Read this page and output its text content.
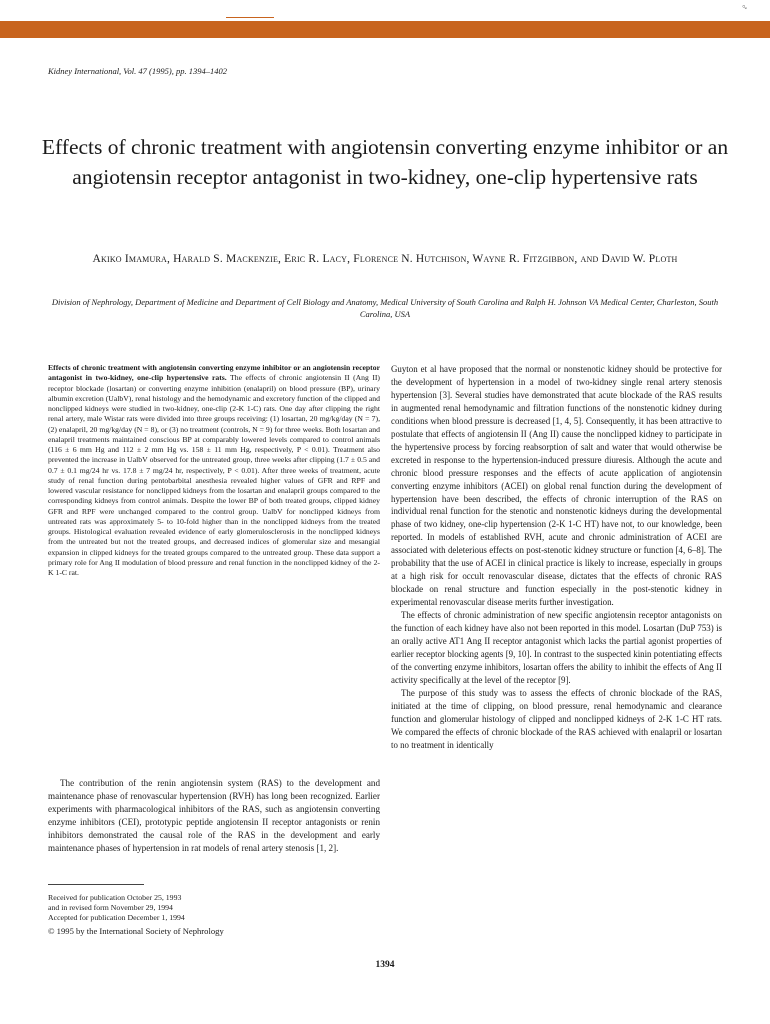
♂
Kidney International, Vol. 47 (1995), pp. 1394–1402
Effects of chronic treatment with angiotensin converting enzyme inhibitor or an angiotensin receptor antagonist in two-kidney, one-clip hypertensive rats

Akiko Imamura, Harald S. Mackenzie, Eric R. Lacy, Florence N. Hutchison, Wayne R. Fitzgibbon, and David W. Ploth

Division of Nephrology, Department of Medicine and Department of Cell Biology and Anatomy, Medical University of South Carolina and Ralph H. Johnson VA Medical Center, Charleston, South Carolina, USA

Effects of chronic treatment with angiotensin converting enzyme inhibitor or an angiotensin receptor antagonist in two-kidney, one-clip hypertensive rats. The effects of chronic angiotensin II (Ang II) receptor blockade (losartan) or converting enzyme inhibition (enalapril) on blood pressure (BP), urinary albumin excretion (UalbV), renal histology and the hemodynamic and excretory function of the clipped and nonclipped kidneys were studied in two-kidney, one-clip (2-K 1-C) rats. One day after clipping the right renal artery, male Wistar rats were divided into three groups receiving: (1) losartan, 20 mg/kg/day (N = 7), (2) enalapril, 20 mg/kg/day (N = 8), or (3) no treatment (controls, N = 9) for three weeks. Both losartan and enalapril treatments maintained conscious BP at comparably lowered levels compared to control animals (116 ± 6 mm Hg and 112 ± 2 mm Hg vs. 158 ± 11 mm Hg, respectively, P < 0.01). Treatment also prevented the increase in UalbV observed for the untreated group, three weeks after clipping (1.7 ± 0.5 and 0.7 ± 0.1 mg/24 hr vs. 17.8 ± 7 mg/24 hr, respectively, P < 0.01). After three weeks of treatment, acute study of renal function during pentobarbital anesthesia revealed higher values of GFR and RPF and lowered vascular resistance for nonclipped kidneys from the losartan and enalapril groups compared to the corresponding kidneys from control animals. Despite the lower BP of both treated groups, clipped kidney GFR and RPF were unchanged compared to the control group. UalbV for nonclipped kidneys from untreated rats was approximately 5- to 10-fold higher than in the nonclipped kidneys from the treated groups. Histological evaluation revealed evidence of early glomerulosclerosis in the nonclipped kidneys from the untreated but not the treated groups, and decreased indices of glomerular size and mesangial expansion in clipped kidneys for the treated groups compared to the untreated group. These data support a primary role for Ang II modulation of blood pressure and renal function in the nonclipped kidney of the 2-K 1-C rat.

The contribution of the renin angiotensin system (RAS) to the development and maintenance phase of renovascular hypertension (RVH) has long been recognized. Earlier experiments with pharmacological inhibitors of the RAS, such as angiotensin converting enzyme inhibitors (CEI), prototypic peptide angiotensin II receptor antagonists or renin inhibitors demonstrated the causal role of the RAS in the development and early maintenance phases of hypertension in rat models of renal artery stenosis [1, 2].

Received for publication October 25, 1993
and in revised form November 29, 1994
Accepted for publication December 1, 1994
© 1995 by the International Society of Nephrology

Guyton et al have proposed that the normal or nonstenotic kidney should be protective for the development of hypertension in a model of two-kidney single renal artery stenosis hypertension [3]. Several studies have demonstrated that acute blockade of the RAS results in augmented renal hemodynamic and filtration functions of the nonstenotic kidney during conditions when blood pressure is decreased [1, 4, 5]. Consequently, it has been attractive to postulate that effects of angiotensin II (Ang II) cause the nonclipped kidney to participate in the hypertensive process by forcing reabsorption of salt and water that would otherwise be excreted in response to the hypertension-induced pressure diuresis. Although the acute and chronic blood pressure responses and the effects of acute application of angiotensin converting enzyme inhibitors (ACEI) on global renal function during the development of hypertension have been described, the effects of chronic interruption of the RAS on individual renal function for the stenotic and nonstenotic kidneys during the developmental phase of two kidney, one-clip hypertension (2-K 1-C HT) have not, to our knowledge, been reported. In models of established RVH, acute and chronic administration of ACEI are associated with deleterious effects on post-stenotic kidney structure or function [4, 6–8]. The probability that the use of ACEI in clinical practice is likely to increase, especially in groups at a high risk for occult renovascular disease, dictates that the effects of chronic RAS blockade on renal structure and function especially in the post-stenotic kidney in experimental renovascular disease merits further investigation.

The effects of chronic administration of new specific angiotensin receptor antagonists on the function of each kidney have also not been reported in this model. Losartan (DuP 753) is an orally active AT1 Ang II receptor antagonist which lacks the partial agonist properties of earlier receptor blocking agents [9, 10]. In contrast to the suspected kinin potentiating effects of the converting enzyme inhibitors, losartan offers the ability to inhibit the effects of Ang II activity specifically at the level of the receptor [9].

The purpose of this study was to assess the effects of chronic blockade of the RAS, initiated at the time of clipping, on blood pressure, renal hemodynamic and clearance function and glomerular histology of clipped and nonclipped kidneys of 2-K 1-C HT rats. We compared the effects of chronic blockade of the RAS achieved with enalapril or losartan to no treatment in identically

1394
